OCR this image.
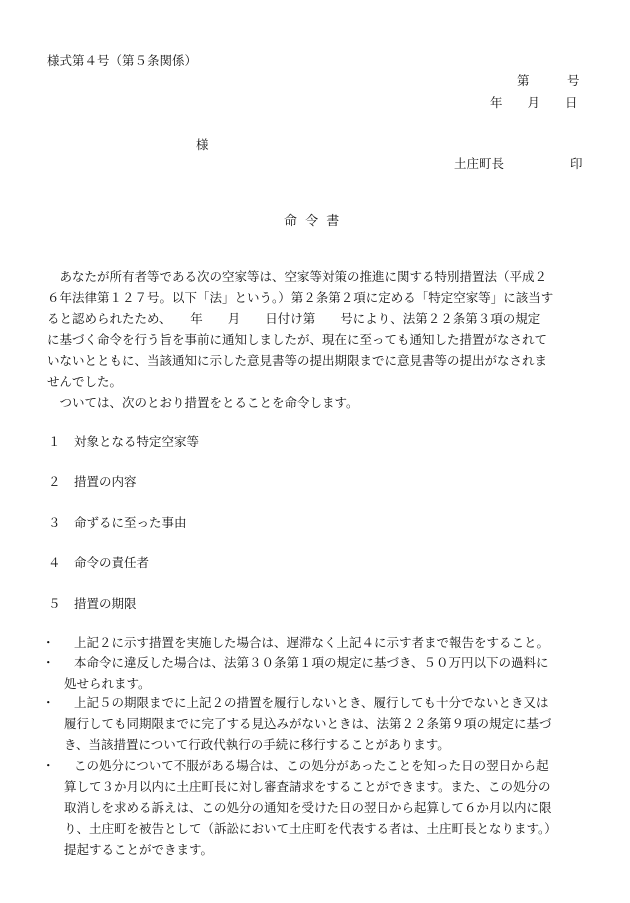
様式第４号（第５条関係）
第　　　号
年　　月　　日
様
土庄町長	印
命 令 書
　あなたが所有者等である次の空家等は、空家等対策の推進に関する特別措置法（平成２
６年法律第１２７号。以下「法」という。）第２条第２項に定める「特定空家等」に該当す
ると認められたため、　　年　　月　　日付け第　　号により、法第２２条第３項の規定
に基づく命令を行う旨を事前に通知しましたが、現在に至っても通知した措置がなされて
いないとともに、当該通知に示した意見書等の提出期限までに意見書等の提出がなされま
せんでした。
　ついては、次のとおり措置をとることを命令します。
１ 対象となる特定空家等
２ 措置の内容
３ 命ずるに至った事由
４ 命令の責任者
５ 措置の期限
・	上記２に示す措置を実施した場合は、遅滞なく上記４に示す者まで報告をすること。
・	本命令に違反した場合は、法第３０条第１項の規定に基づき、５０万円以下の過料に
処せられます。
・	上記５の期限までに上記２の措置を履行しないとき、履行しても十分でないとき又は
履行しても同期限までに完了する見込みがないときは、法第２２条第９項の規定に基づ
き、当該措置について行政代執行の手続に移行することがあります。
・	この処分について不服がある場合は、この処分があったことを知った日の翌日から起
算して３か月以内に土庄町長に対し審査請求をすることができます。また、この処分の
取消しを求める訴えは、この処分の通知を受けた日の翌日から起算して６か月以内に限
り、土庄町を被告として（訴訟において土庄町を代表する者は、土庄町長となります。）
提起することができます。
